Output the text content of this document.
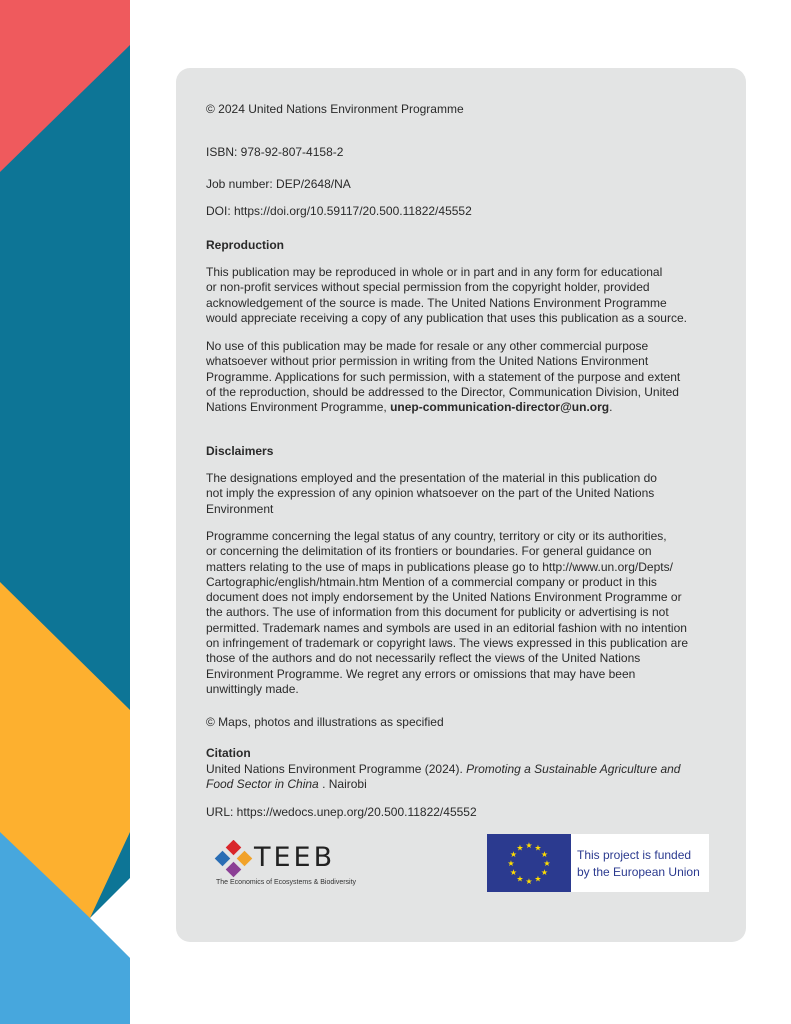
© 2024 United Nations Environment Programme
ISBN: 978-92-807-4158-2
Job number: DEP/2648/NA
DOI: https://doi.org/10.59117/20.500.11822/45552
Reproduction
This publication may be reproduced in whole or in part and in any form for educational
or non-profit services without special permission from the copyright holder, provided
acknowledgement of the source is made. The United Nations Environment Programme
would appreciate receiving a copy of any publication that uses this publication as a source.
No use of this publication may be made for resale or any other commercial purpose
whatsoever without prior permission in writing from the United Nations Environment
Programme. Applications for such permission, with a statement of the purpose and extent
of the reproduction, should be addressed to the Director, Communication Division, United
Nations Environment Programme, unep-communication-director@un.org.
Disclaimers
The designations employed and the presentation of the material in this publication do
not imply the expression of any opinion whatsoever on the part of the United Nations
Environment
Programme concerning the legal status of any country, territory or city or its authorities,
or concerning the delimitation of its frontiers or boundaries. For general guidance on
matters relating to the use of maps in publications please go to http://www.un.org/Depts/
Cartographic/english/htmain.htm Mention of a commercial company or product in this
document does not imply endorsement by the United Nations Environment Programme or
the authors. The use of information from this document for publicity or advertising is not
permitted. Trademark names and symbols are used in an editorial fashion with no intention
on infringement of trademark or copyright laws. The views expressed in this publication are
those of the authors and do not necessarily reflect the views of the United Nations
Environment Programme. We regret any errors or omissions that may have been
unwittingly made.
© Maps, photos and illustrations as specified
Citation
United Nations Environment Programme (2024). Promoting a Sustainable Agriculture and
Food Sector in China . Nairobi
URL: https://wedocs.unep.org/20.500.11822/45552
TEEB
The Economics of Ecosystems & Biodiversity
★ ★
★
★
★
★
★
★
★
★
★
★	This project is funded
by the European Union
